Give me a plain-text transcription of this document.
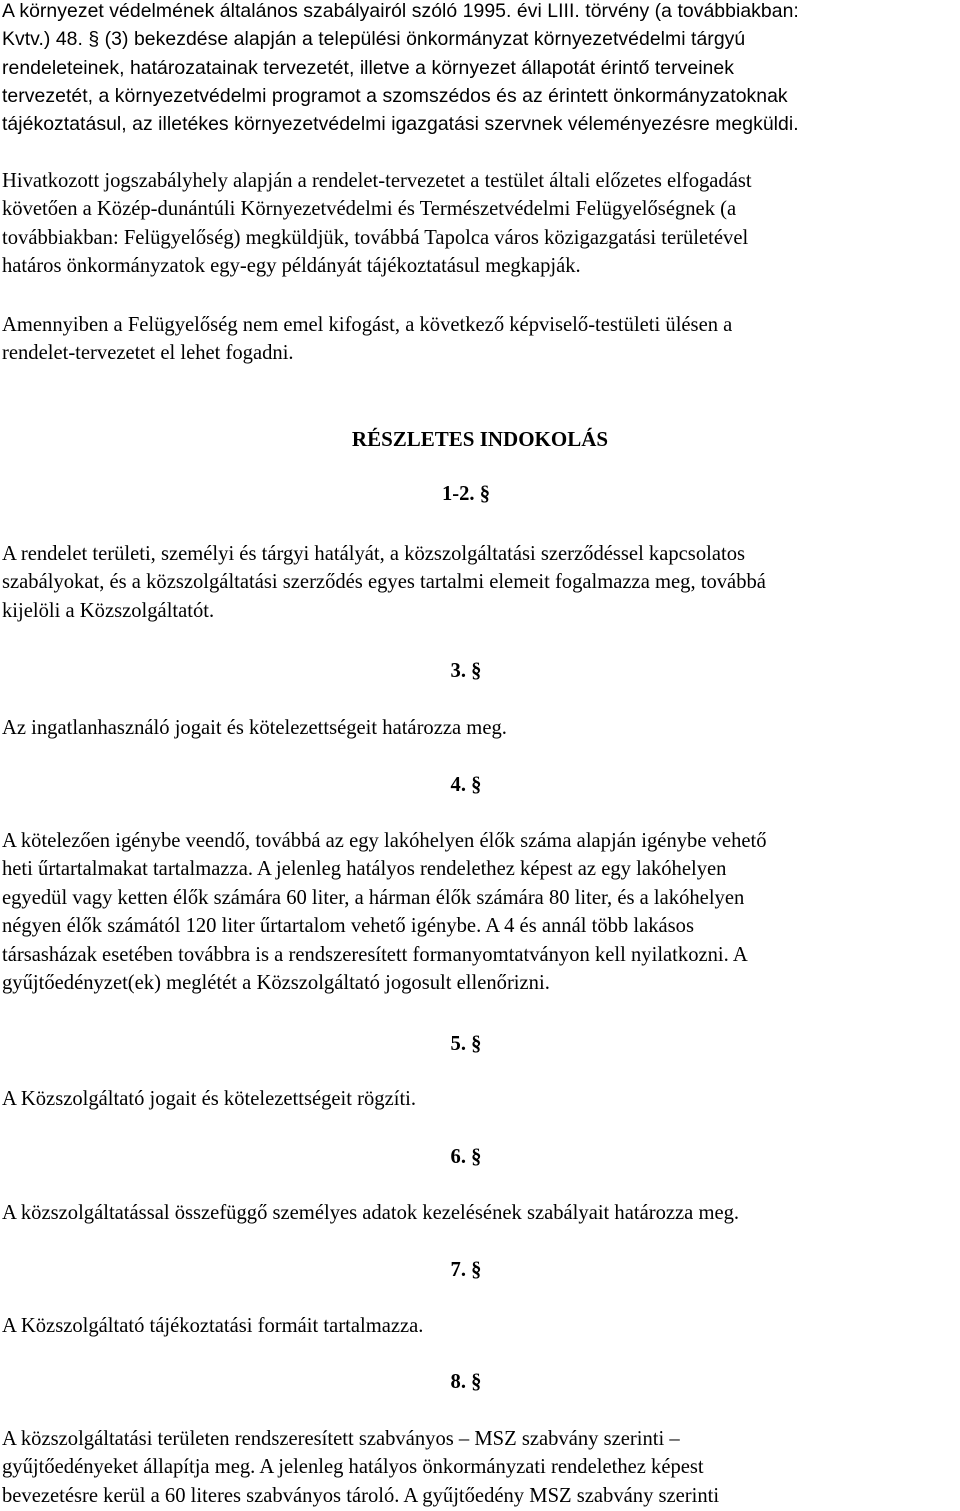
A környezet védelmének általános szabályairól szóló 1995. évi LIII. törvény (a továbbiakban:
Kvtv.) 48. § (3) bekezdése alapján a települési önkormányzat környezetvédelmi tárgyú
rendeleteinek, határozatainak tervezetét, illetve a környezet állapotát érintő terveinek
tervezetét, a környezetvédelmi programot a szomszédos és az érintett önkormányzatoknak
tájékoztatásul, az illetékes környezetvédelmi igazgatási szervnek véleményezésre megküldi.
Hivatkozott jogszabályhely alapján a rendelet-tervezetet a testület általi előzetes elfogadást
követően a Közép-dunántúli Környezetvédelmi és Természetvédelmi Felügyelőségnek (a
továbbiakban: Felügyelőség) megküldjük, továbbá Tapolca város közigazgatási területével
határos önkormányzatok egy-egy példányát tájékoztatásul megkapják.
Amennyiben a Felügyelőség nem emel kifogást, a következő képviselő-testületi ülésen a
rendelet-tervezetet el lehet fogadni.
RÉSZLETES INDOKOLÁS
1-2. §
A rendelet területi, személyi és tárgyi hatályát, a közszolgáltatási szerződéssel kapcsolatos
szabályokat, és a közszolgáltatási szerződés egyes tartalmi elemeit fogalmazza meg, továbbá
kijelöli a Közszolgáltatót.
3. §
Az ingatlanhasználó jogait és kötelezettségeit határozza meg.
4. §
A kötelezően igénybe veendő, továbbá az egy lakóhelyen élők száma alapján igénybe vehető
heti űrtartalmakat tartalmazza. A jelenleg hatályos rendelethez képest az egy lakóhelyen
egyedül vagy ketten élők számára 60 liter, a hárman élők számára 80 liter, és a lakóhelyen
négyen élők számától 120 liter űrtartalom vehető igénybe. A 4 és annál több lakásos
társasházak esetében továbbra is a rendszeresített formanyomtatványon kell nyilatkozni. A
gyűjtőedényzet(ek) meglétét a Közszolgáltató jogosult ellenőrizni.
5. §
A Közszolgáltató jogait és kötelezettségeit rögzíti.
6. §
A közszolgáltatással összefüggő személyes adatok kezelésének szabályait határozza meg.
7. §
A Közszolgáltató tájékoztatási formáit tartalmazza.
8. §
A közszolgáltatási területen rendszeresített szabványos – MSZ szabvány szerinti –
gyűjtőedényeket állapítja meg. A jelenleg hatályos önkormányzati rendelethez képest
bevezetésre kerül a 60 literes szabványos tároló. A gyűjtőedény MSZ szabvány szerinti
